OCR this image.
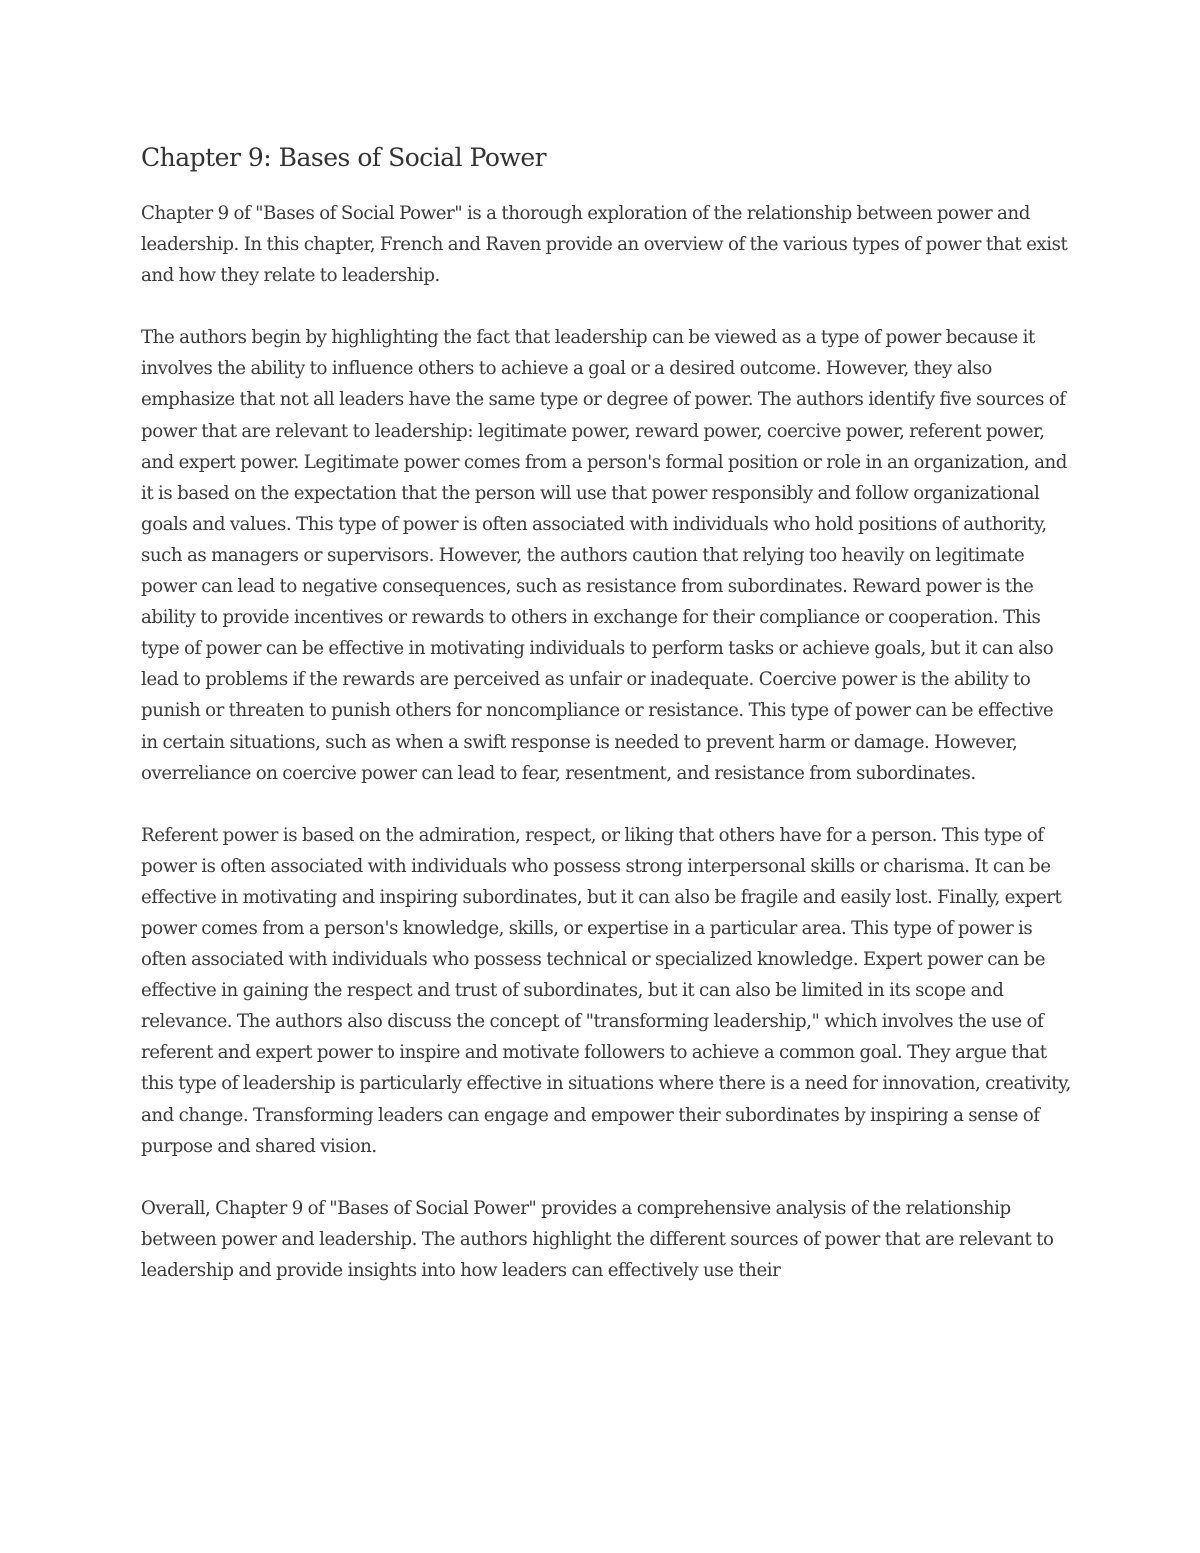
Chapter 9: Bases of Social Power

Chapter 9 of "Bases of Social Power" is a thorough exploration of the relationship between power and leadership. In this chapter, French and Raven provide an overview of the various types of power that exist and how they relate to leadership.

The authors begin by highlighting the fact that leadership can be viewed as a type of power because it involves the ability to influence others to achieve a goal or a desired outcome. However, they also emphasize that not all leaders have the same type or degree of power. The authors identify five sources of power that are relevant to leadership: legitimate power, reward power, coercive power, referent power, and expert power. Legitimate power comes from a person's formal position or role in an organization, and it is based on the expectation that the person will use that power responsibly and follow organizational goals and values. This type of power is often associated with individuals who hold positions of authority, such as managers or supervisors. However, the authors caution that relying too heavily on legitimate power can lead to negative consequences, such as resistance from subordinates. Reward power is the ability to provide incentives or rewards to others in exchange for their compliance or cooperation. This type of power can be effective in motivating individuals to perform tasks or achieve goals, but it can also lead to problems if the rewards are perceived as unfair or inadequate. Coercive power is the ability to punish or threaten to punish others for noncompliance or resistance. This type of power can be effective in certain situations, such as when a swift response is needed to prevent harm or damage. However, overreliance on coercive power can lead to fear, resentment, and resistance from subordinates.

Referent power is based on the admiration, respect, or liking that others have for a person. This type of power is often associated with individuals who possess strong interpersonal skills or charisma. It can be effective in motivating and inspiring subordinates, but it can also be fragile and easily lost. Finally, expert power comes from a person's knowledge, skills, or expertise in a particular area. This type of power is often associated with individuals who possess technical or specialized knowledge. Expert power can be effective in gaining the respect and trust of subordinates, but it can also be limited in its scope and relevance. The authors also discuss the concept of "transforming leadership," which involves the use of referent and expert power to inspire and motivate followers to achieve a common goal. They argue that this type of leadership is particularly effective in situations where there is a need for innovation, creativity, and change. Transforming leaders can engage and empower their subordinates by inspiring a sense of purpose and shared vision.

Overall, Chapter 9 of "Bases of Social Power" provides a comprehensive analysis of the relationship between power and leadership. The authors highlight the different sources of power that are relevant to leadership and provide insights into how leaders can effectively use their
